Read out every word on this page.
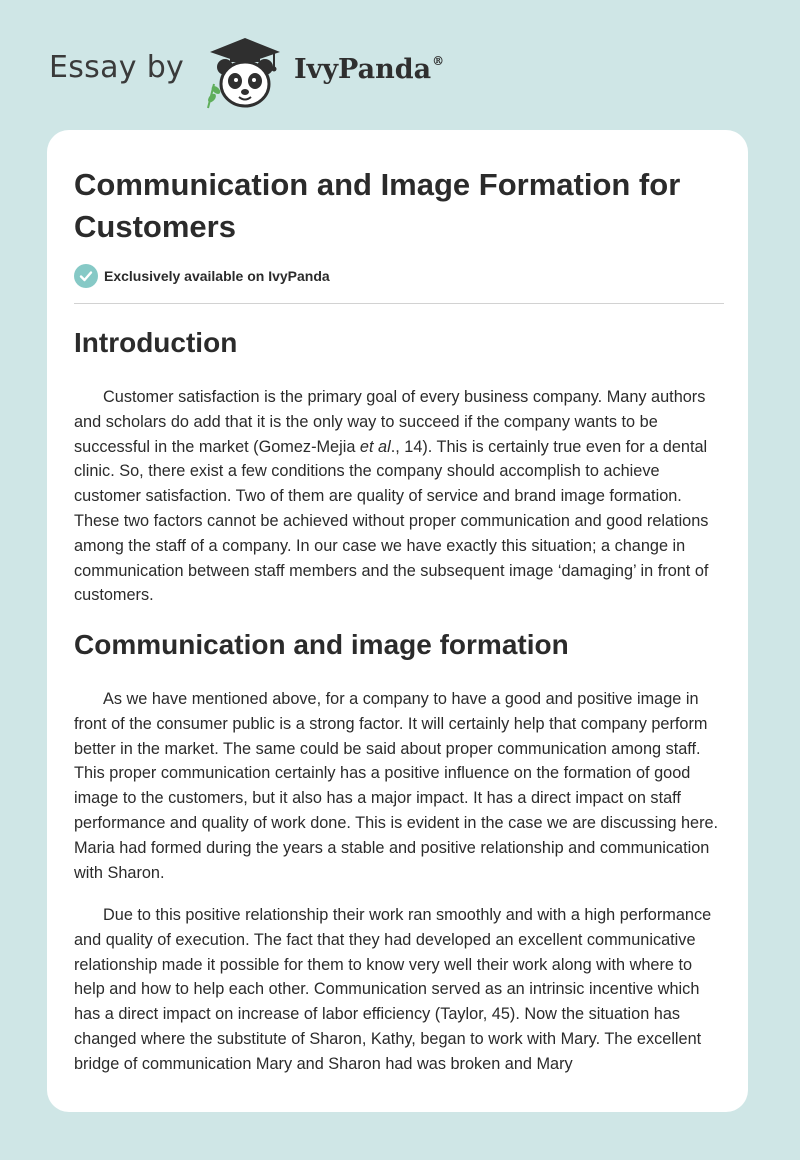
Essay by	IvyPanda®
Communication and Image Formation for Customers
Exclusively available on IvyPanda
Introduction

Customer satisfaction is the primary goal of every business company. Many authors and scholars do add that it is the only way to succeed if the company wants to be successful in the market (Gomez-Mejia et al., 14). This is certainly true even for a dental clinic. So, there exist a few conditions the company should accomplish to achieve customer satisfaction. Two of them are quality of service and brand image formation. These two factors cannot be achieved without proper communication and good relations among the staff of a company. In our case we have exactly this situation; a change in communication between staff members and the subsequent image ‘damaging’ in front of customers.

Communication and image formation

As we have mentioned above, for a company to have a good and positive image in front of the consumer public is a strong factor. It will certainly help that company perform better in the market. The same could be said about proper communication among staff. This proper communication certainly has a positive influence on the formation of good image to the customers, but it also has a major impact. It has a direct impact on staff performance and quality of work done. This is evident in the case we are discussing here. Maria had formed during the years a stable and positive relationship and communication with Sharon.

Due to this positive relationship their work ran smoothly and with a high performance and quality of execution. The fact that they had developed an excellent communicative relationship made it possible for them to know very well their work along with where to help and how to help each other. Communication served as an intrinsic incentive which has a direct impact on increase of labor efficiency (Taylor, 45). Now the situation has changed where the substitute of Sharon, Kathy, began to work with Mary. The excellent bridge of communication Mary and Sharon had was broken and Mary
